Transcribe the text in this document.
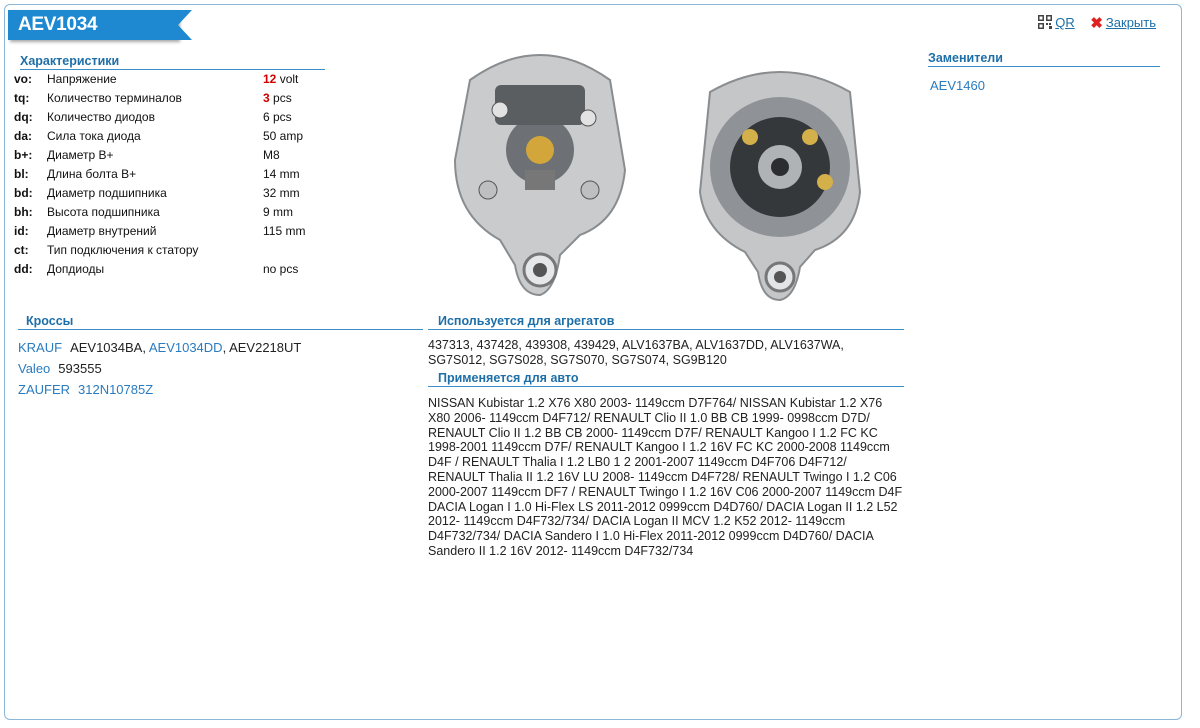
AEV1034	QR ✖ Закрыть
Характеристики
vo:	Напряжение	12 volt
tq:	Количество терминалов	3 pcs
dq:	Количество диодов	6 pcs
da:	Сила тока диода	50 amp
b+:	Диаметр B+	M8
bl:	Длина болта B+	14 mm
bd:	Диаметр подшипника	32 mm
bh:	Высота подшипника	9 mm
id:	Диаметр внутрений	115 mm
ct:	Тип подключения к статору
dd:	Допдиоды	no pcs
Кроссы
KRAUF AEV1034BA, AEV1034DD, AEV2218UT
Valeo 593555
ZAUFER 312N10785Z
Используется для агрегатов
437313, 437428, 439308, 439429, ALV1637BA, ALV1637DD, ALV1637WA, SG7S012, SG7S028, SG7S070, SG7S074, SG9B120
Применяется для авто
NISSAN Kubistar 1.2 X76 X80 2003- 1149ccm D7F764/ NISSAN Kubistar 1.2 X76 X80 2006- 1149ccm D4F712/ RENAULT Clio II 1.0 BB CB 1999- 0998ccm D7D/ RENAULT Clio II 1.2 BB CB 2000- 1149ccm D7F/ RENAULT Kangoo I 1.2 FC KC 1998-2001 1149ccm D7F/ RENAULT Kangoo I 1.2 16V FC KC 2000-2008 1149ccm D4F / RENAULT Thalia I 1.2 LB0 1 2 2001-2007 1149ccm D4F706 D4F712/ RENAULT Thalia II 1.2 16V LU 2008- 1149ccm D4F728/ RENAULT Twingo I 1.2 C06 2000-2007 1149ccm DF7 / RENAULT Twingo I 1.2 16V C06 2000-2007 1149ccm D4F DACIA Logan I 1.0 Hi-Flex LS 2011-2012 0999ccm D4D760/ DACIA Logan II 1.2 L52 2012- 1149ccm D4F732/734/ DACIA Logan II MCV 1.2 K52 2012- 1149ccm D4F732/734/ DACIA Sandero I 1.0 Hi-Flex 2011-2012 0999ccm D4D760/ DACIA Sandero II 1.2 16V 2012- 1149ccm D4F732/734
Заменители
AEV1460
